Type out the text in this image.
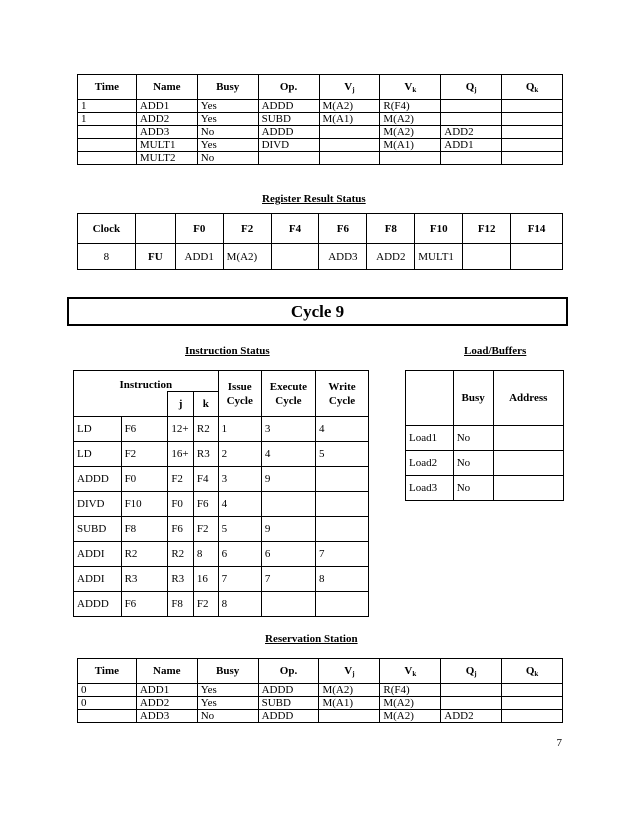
Time	Name	Busy	Op.	$V_j$	$V_k$	$Q_j$	$Q_k$
1	ADD1	Yes	ADDD	M(A2)	R(F4)		
1	ADD2	Yes	SUBD	M(A1)	M(A2)		
	ADD3	No	ADDD		M(A2)	ADD2	
	MULT1	Yes	DIVD		M(A1)	ADD1	
	MULT2	No					
Register Result Status
Clock		F0	F2	F4	F6	F8	F10	F12	F14
8	FU	ADD1	M(A2)		ADD3	ADD2	MULT1		
Cycle 9
Instruction Status	Load/Buffers
Instruction				Issue Cycle	Execute Cycle	Write Cycle
		j	k			
LD	F6	12+	R2	1	3	4
LD	F2	16+	R3	2	4	5
ADDD	F0	F2	F4	3	9	
DIVD	F10	F0	F6	4		
SUBD	F8	F6	F2	5	9	
ADDI	R2	R2	8	6	6	7
ADDI	R3	R3	16	7	7	8
ADDD	F6	F8	F2	8		
	Busy	Address
Load1	No	
Load2	No	
Load3	No	
Reservation Station
Time	Name	Busy	Op.	$V_j$	$V_k$	$Q_j$	$Q_k$
0	ADD1	Yes	ADDD	M(A2)	R(F4)		
0	ADD2	Yes	SUBD	M(A1)	M(A2)		
	ADD3	No	ADDD		M(A2)	ADD2	
7
